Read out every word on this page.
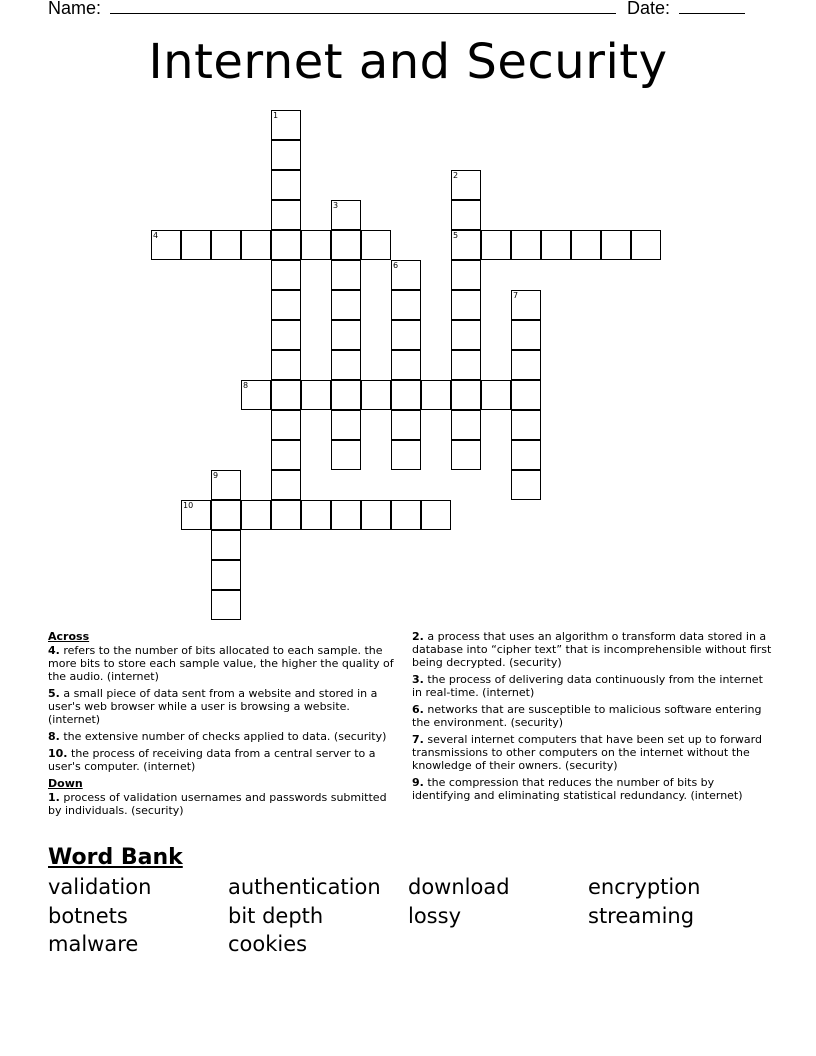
Name:	Date:
Internet and Security
1
2
5
3
4
6
7
8
9
10
Across
4. refers to the number of bits allocated to each sample. the more bits to store each sample value, the higher the quality of the audio. (internet)
5. a small piece of data sent from a website and stored in a user's web browser while a user is browsing a website. (internet)
8. the extensive number of checks applied to data. (security)
10. the process of receiving data from a central server to a user's computer. (internet)
Down
1. process of validation usernames and passwords submitted by individuals. (security)
2. a process that uses an algorithm o transform data stored in a database into “cipher text” that is incomprehensible without first being decrypted. (security)
3. the process of delivering data continuously from the internet in real-time. (internet)
6. networks that are susceptible to malicious software entering the environment. (security)
7. several internet computers that have been set up to forward transmissions to other computers on the internet without the knowledge of their owners. (security)
9. the compression that reduces the number of bits by identifying and eliminating statistical redundancy. (internet)
Word Bank
validation	authentication download	encryption
botnets	bit depth	lossy	streaming
malware	cookies
